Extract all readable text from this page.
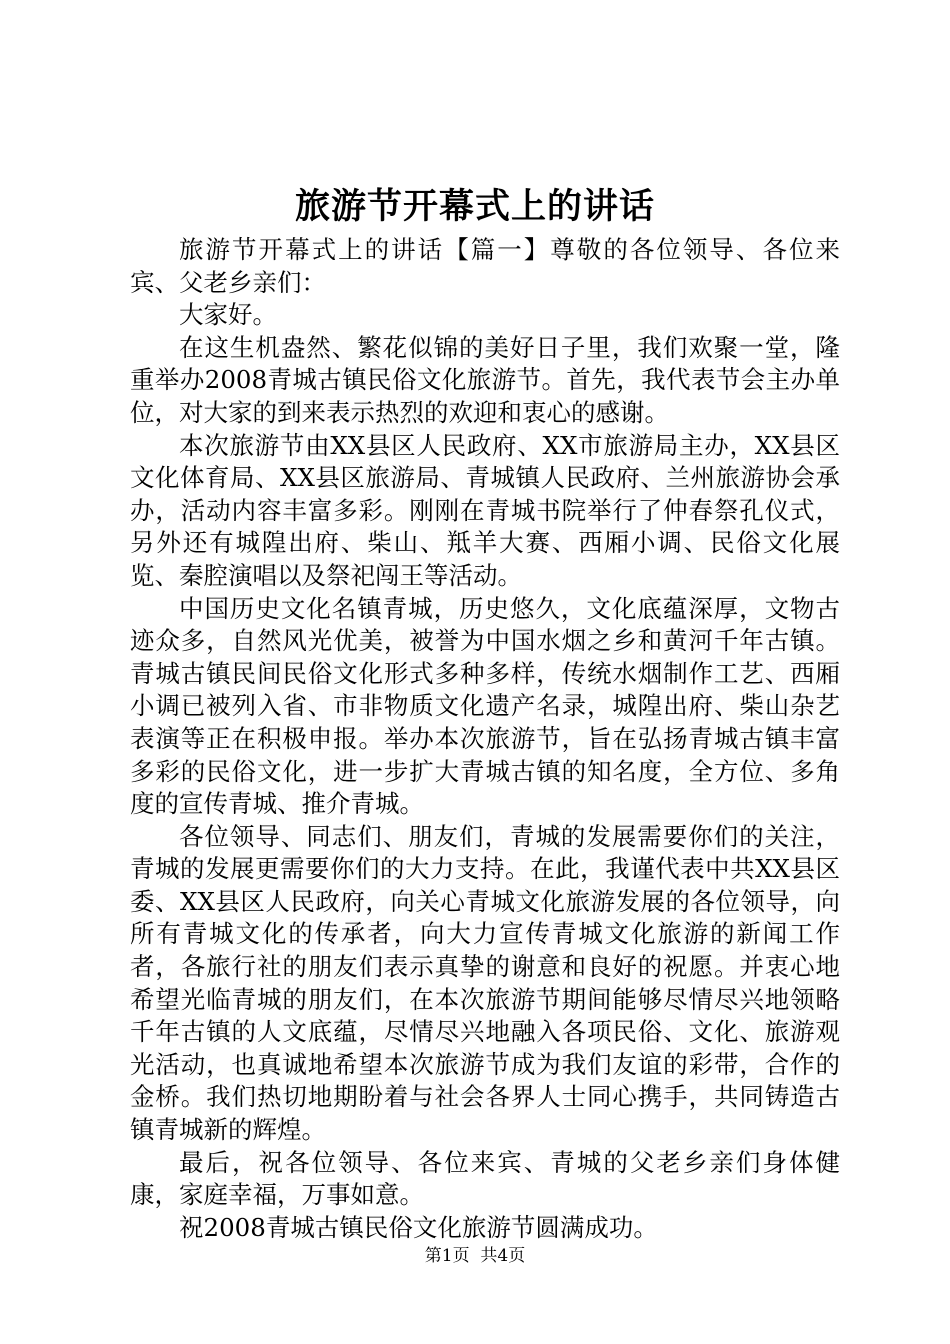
旅游节开幕式上的讲话

旅游节开幕式上的讲话【篇一】尊敬的各位领导、各位来宾、父老乡亲们：

大家好。

在这生机盎然、繁花似锦的美好日子里，我们欢聚一堂，隆重举办2008青城古镇民俗文化旅游节。首先，我代表节会主办单位，对大家的到来表示热烈的欢迎和衷心的感谢。

本次旅游节由XX县区人民政府、XX市旅游局主办，XX县区文化体育局、XX县区旅游局、青城镇人民政府、兰州旅游协会承办，活动内容丰富多彩。刚刚在青城书院举行了仲春祭孔仪式，另外还有城隍出府、柴山、羝羊大赛、西厢小调、民俗文化展览、秦腔演唱以及祭祀闯王等活动。

中国历史文化名镇青城，历史悠久，文化底蕴深厚，文物古迹众多，自然风光优美，被誉为中国水烟之乡和黄河千年古镇。青城古镇民间民俗文化形式多种多样，传统水烟制作工艺、西厢小调已被列入省、市非物质文化遗产名录，城隍出府、柴山杂艺表演等正在积极申报。举办本次旅游节，旨在弘扬青城古镇丰富多彩的民俗文化，进一步扩大青城古镇的知名度，全方位、多角度的宣传青城、推介青城。

各位领导、同志们、朋友们，青城的发展需要你们的关注，青城的发展更需要你们的大力支持。在此，我谨代表中共XX县区委、XX县区人民政府，向关心青城文化旅游发展的各位领导，向所有青城文化的传承者，向大力宣传青城文化旅游的新闻工作者，各旅行社的朋友们表示真挚的谢意和良好的祝愿。并衷心地希望光临青城的朋友们，在本次旅游节期间能够尽情尽兴地领略千年古镇的人文底蕴，尽情尽兴地融入各项民俗、文化、旅游观光活动，也真诚地希望本次旅游节成为我们友谊的彩带，合作的金桥。我们热切地期盼着与社会各界人士同心携手，共同铸造古镇青城新的辉煌。

最后，祝各位领导、各位来宾、青城的父老乡亲们身体健康，家庭幸福，万事如意。

祝2008青城古镇民俗文化旅游节圆满成功。

第1页 共4页
